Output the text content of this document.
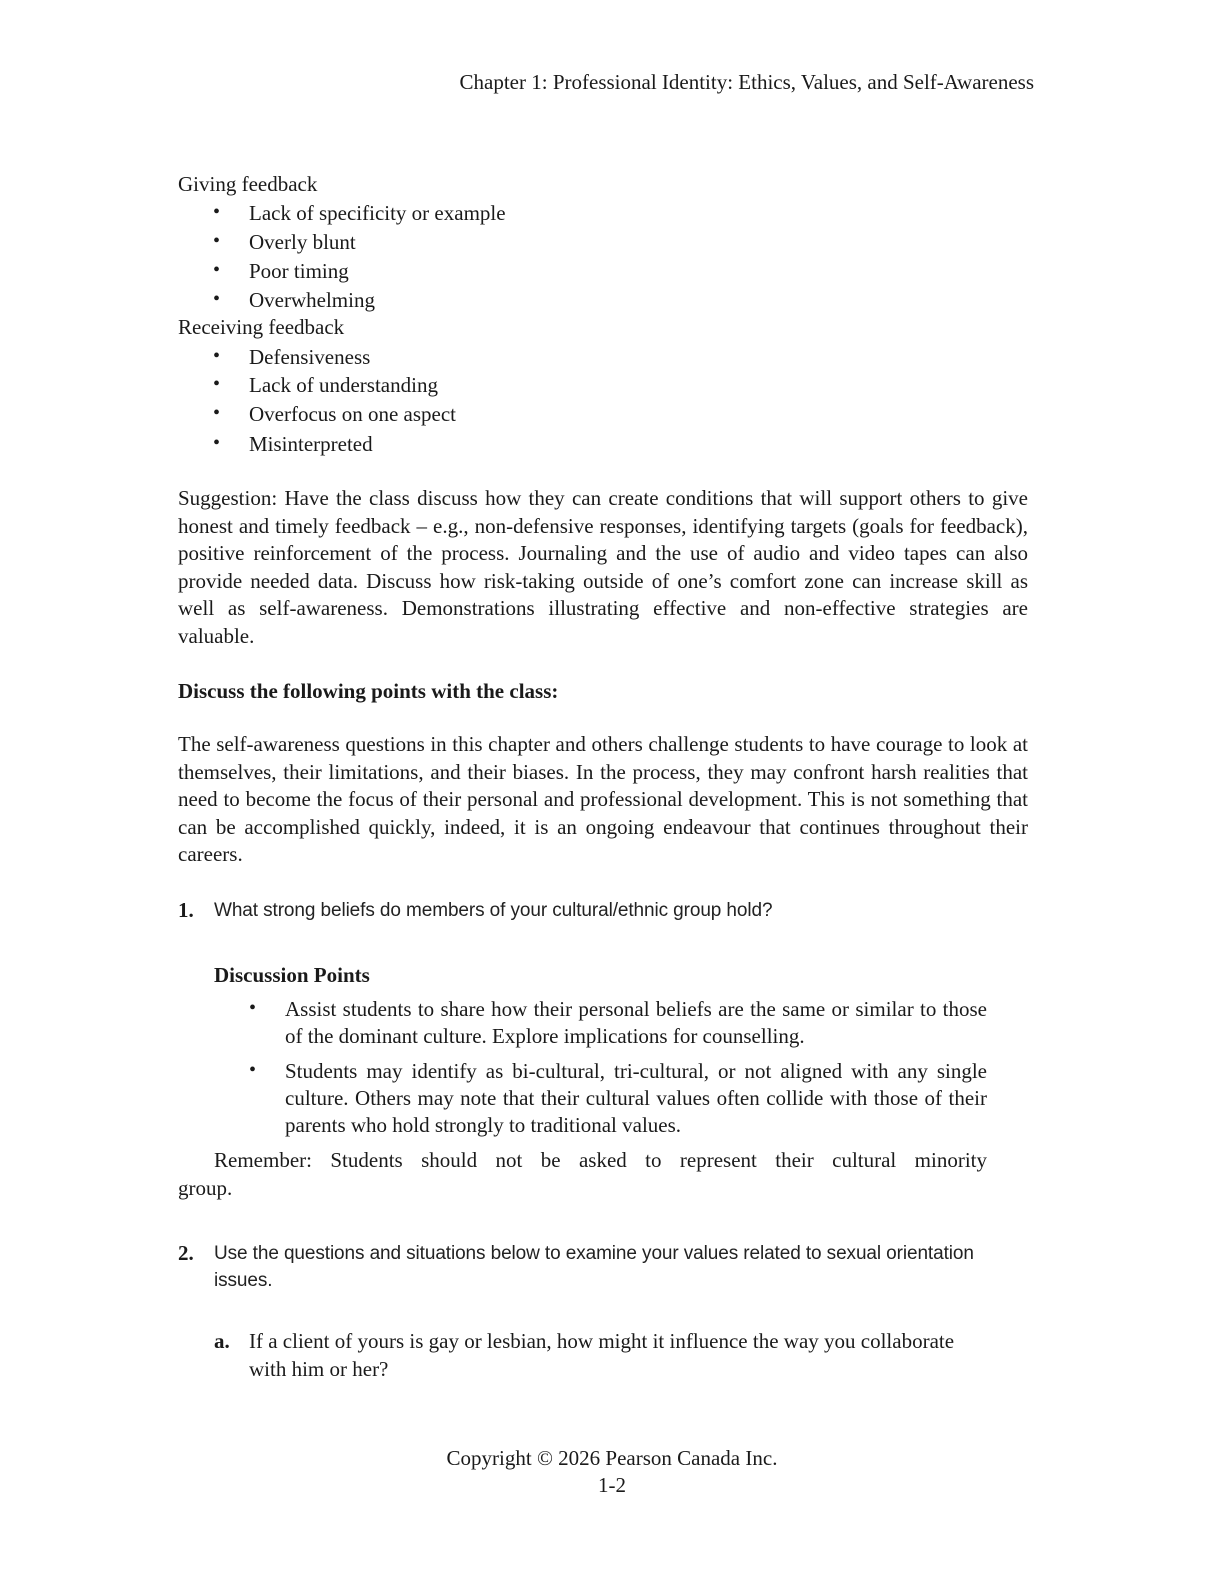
Chapter 1: Professional Identity: Ethics, Values, and Self-Awareness
Giving feedback
• Lack of specificity or example
• Overly blunt
• Poor timing
• Overwhelming
Receiving feedback
• Defensiveness
• Lack of understanding
• Overfocus on one aspect
• Misinterpreted
Suggestion: Have the class discuss how they can create conditions that will support others to give honest and timely feedback – e.g., non-defensive responses, identifying targets (goals for feedback), positive reinforcement of the process. Journaling and the use of audio and video tapes can also provide needed data. Discuss how risk-taking outside of one’s comfort zone can increase skill as well as self-awareness. Demonstrations illustrating effective and non-effective strategies are valuable.
Discuss the following points with the class:
The self-awareness questions in this chapter and others challenge students to have courage to look at themselves, their limitations, and their biases. In the process, they may confront harsh realities that need to become the focus of their personal and professional development. This is not something that can be accomplished quickly, indeed, it is an ongoing endeavour that continues throughout their careers.
1. What strong beliefs do members of your cultural/ethnic group hold?
Discussion Points
• Assist students to share how their personal beliefs are the same or similar to those of the dominant culture. Explore implications for counselling.
• Students may identify as bi-cultural, tri-cultural, or not aligned with any single culture. Others may note that their cultural values often collide with those of their parents who hold strongly to traditional values.
Remember: Students should not be asked to represent their cultural minority
group.
2. Use the questions and situations below to examine your values related to sexual orientation
issues.
a. If a client of yours is gay or lesbian, how might it influence the way you collaborate
with him or her?
Copyright © 2026 Pearson Canada Inc.
1-2
